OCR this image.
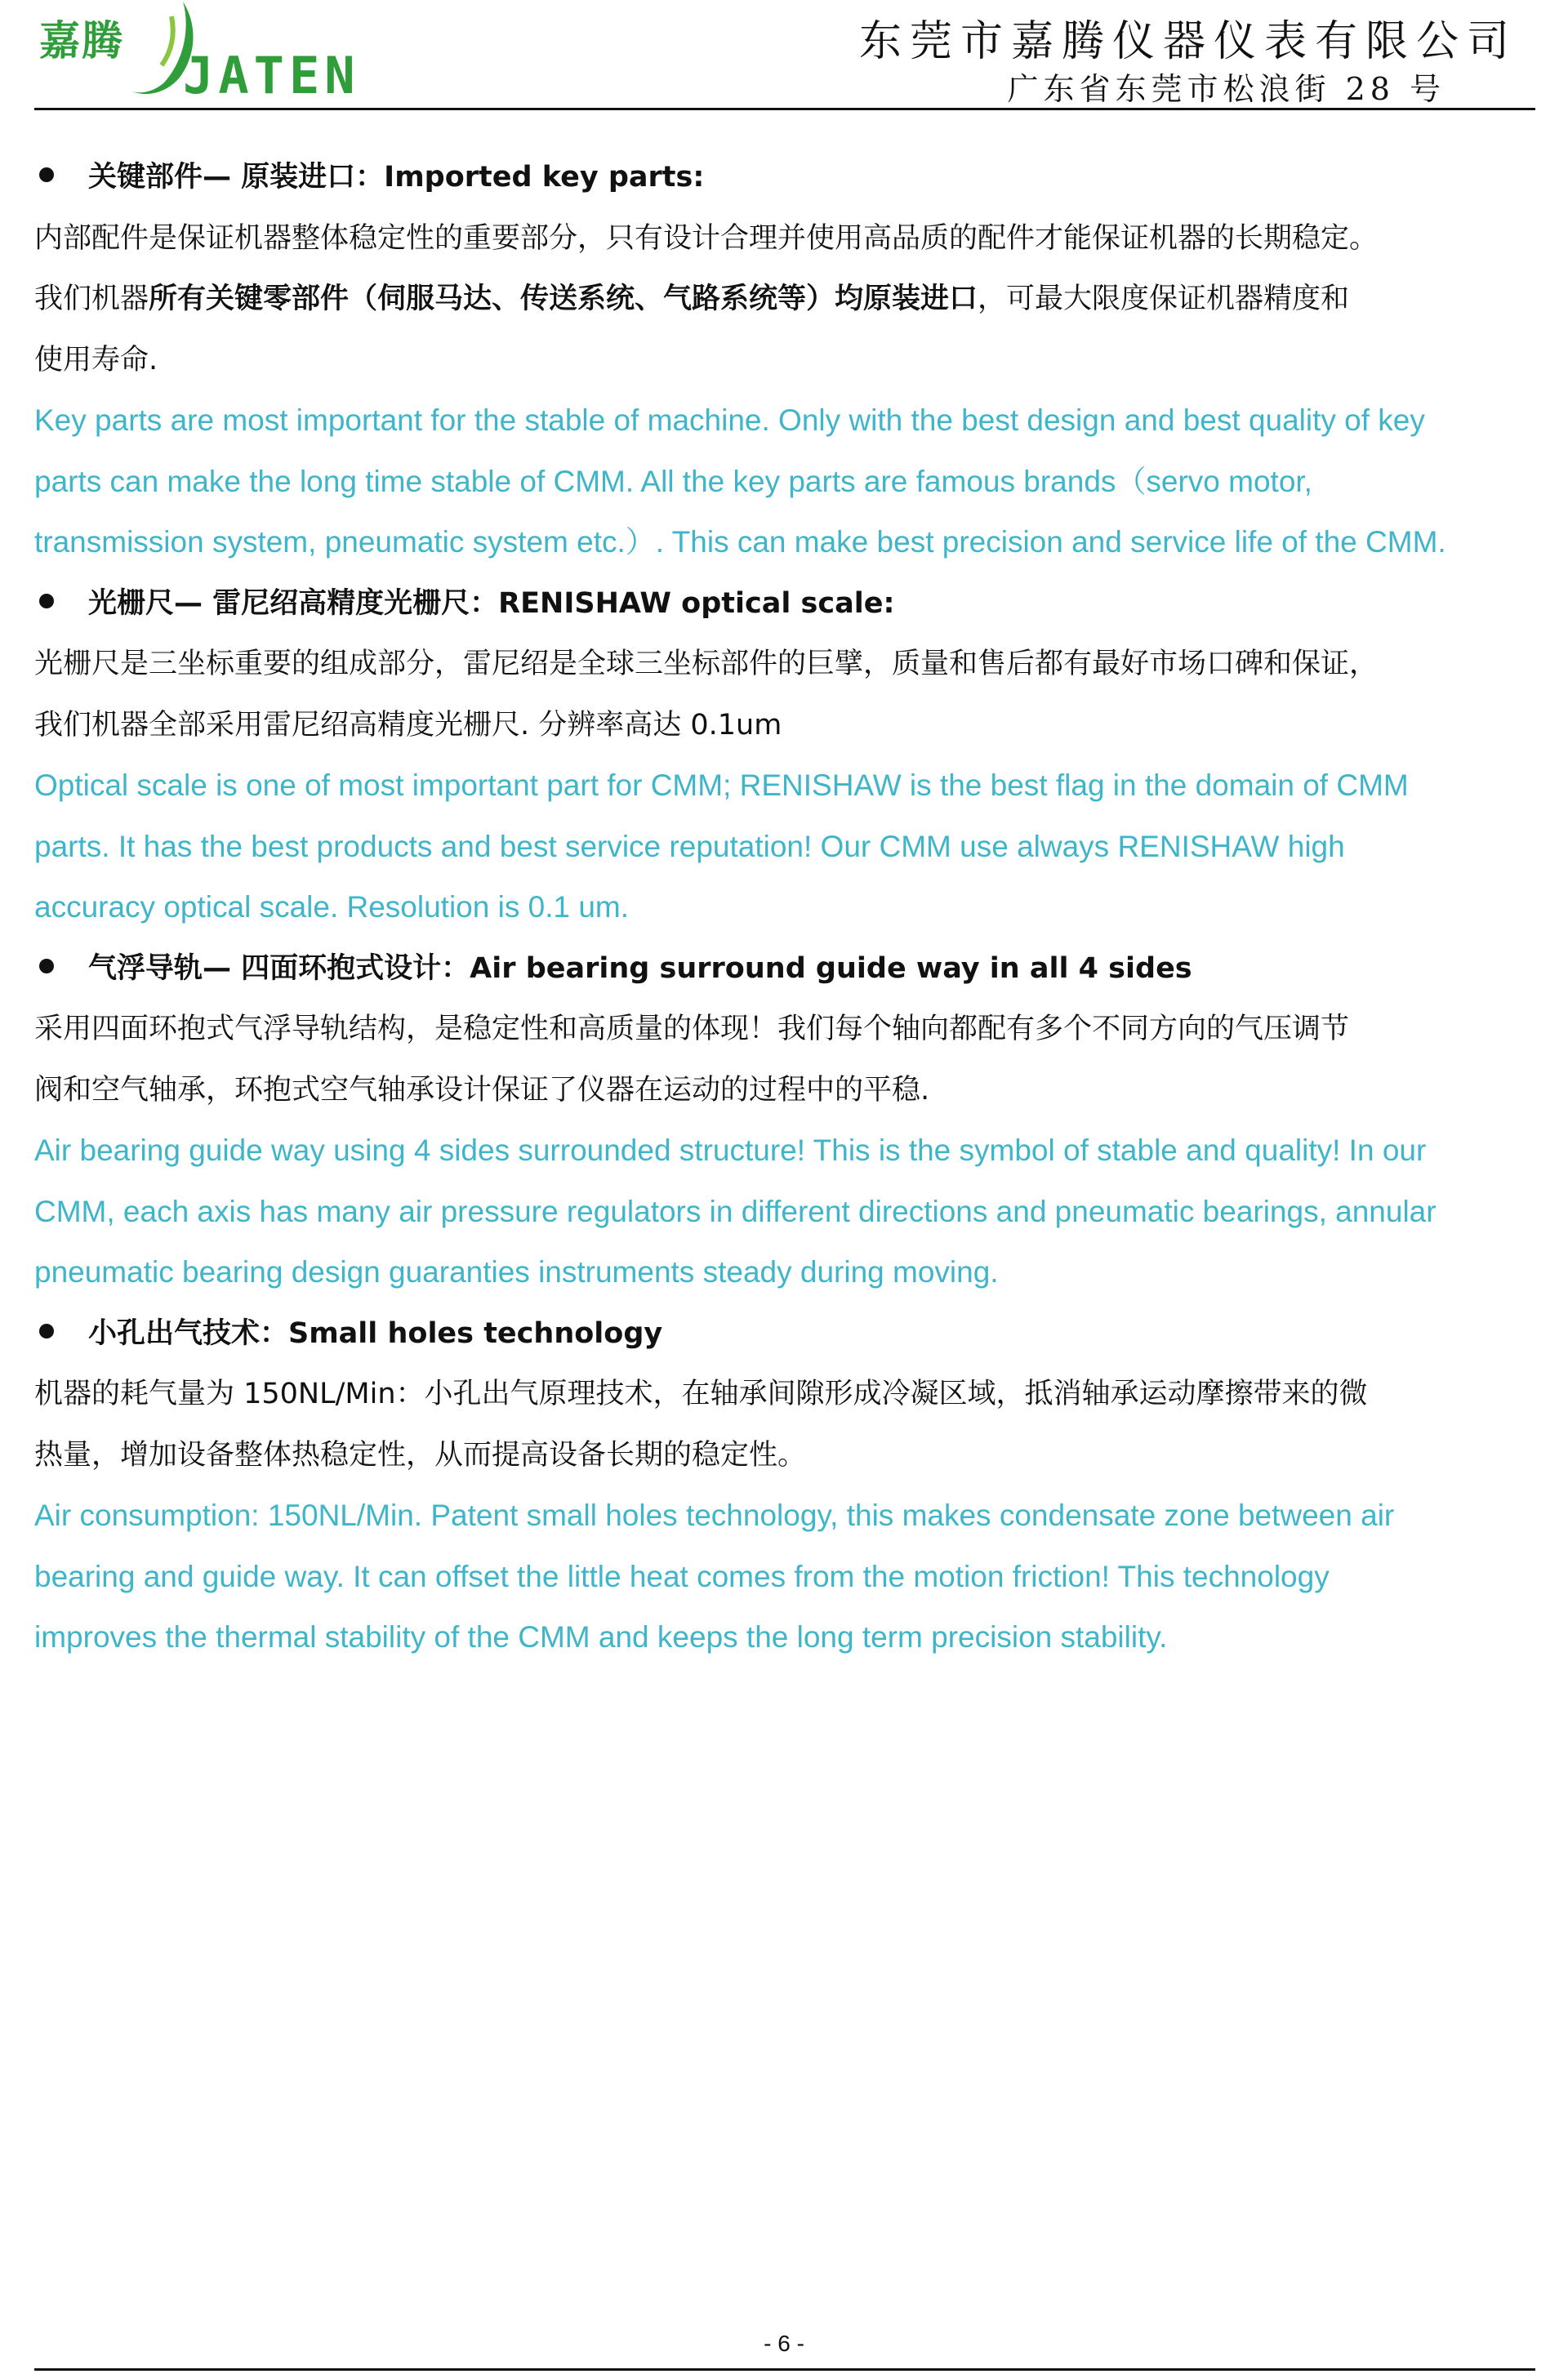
嘉腾
JATEN
东莞市嘉腾仪器仪表有限公司
广东省东莞市松浪街 28 号
关键部件— 原装进口：Imported key parts:
内部配件是保证机器整体稳定性的重要部分，只有设计合理并使用高品质的配件才能保证机器的长期稳定。
我们机器所有关键零部件（伺服马达、传送系统、气路系统等）均原装进口，可最大限度保证机器精度和
使用寿命.
Key parts are most important for the stable of machine. Only with the best design and best quality of key
parts can make the long time stable of CMM. All the key parts are famous brands（servo motor,
transmission system, pneumatic system etc.）. This can make best precision and service life of the CMM.
光栅尺— 雷尼绍高精度光栅尺：RENISHAW optical scale:
光栅尺是三坐标重要的组成部分，雷尼绍是全球三坐标部件的巨擘，质量和售后都有最好市场口碑和保证，
我们机器全部采用雷尼绍高精度光栅尺. 分辨率高达 0.1um
Optical scale is one of most important part for CMM; RENISHAW is the best flag in the domain of CMM
parts. It has the best products and best service reputation! Our CMM use always RENISHAW high
accuracy optical scale. Resolution is 0.1 um.
气浮导轨— 四面环抱式设计：Air bearing surround guide way in all 4 sides
采用四面环抱式气浮导轨结构，是稳定性和高质量的体现！我们每个轴向都配有多个不同方向的气压调节
阀和空气轴承，环抱式空气轴承设计保证了仪器在运动的过程中的平稳.
Air bearing guide way using 4 sides surrounded structure! This is the symbol of stable and quality! In our
CMM, each axis has many air pressure regulators in different directions and pneumatic bearings, annular
pneumatic bearing design guaranties instruments steady during moving.
小孔出气技术：Small holes technology
机器的耗气量为 150NL/Min：小孔出气原理技术，在轴承间隙形成冷凝区域，抵消轴承运动摩擦带来的微
热量，增加设备整体热稳定性，从而提高设备长期的稳定性。
Air consumption: 150NL/Min. Patent small holes technology, this makes condensate zone between air
bearing and guide way. It can offset the little heat comes from the motion friction! This technology
improves the thermal stability of the CMM and keeps the long term precision stability.
- 6 -
